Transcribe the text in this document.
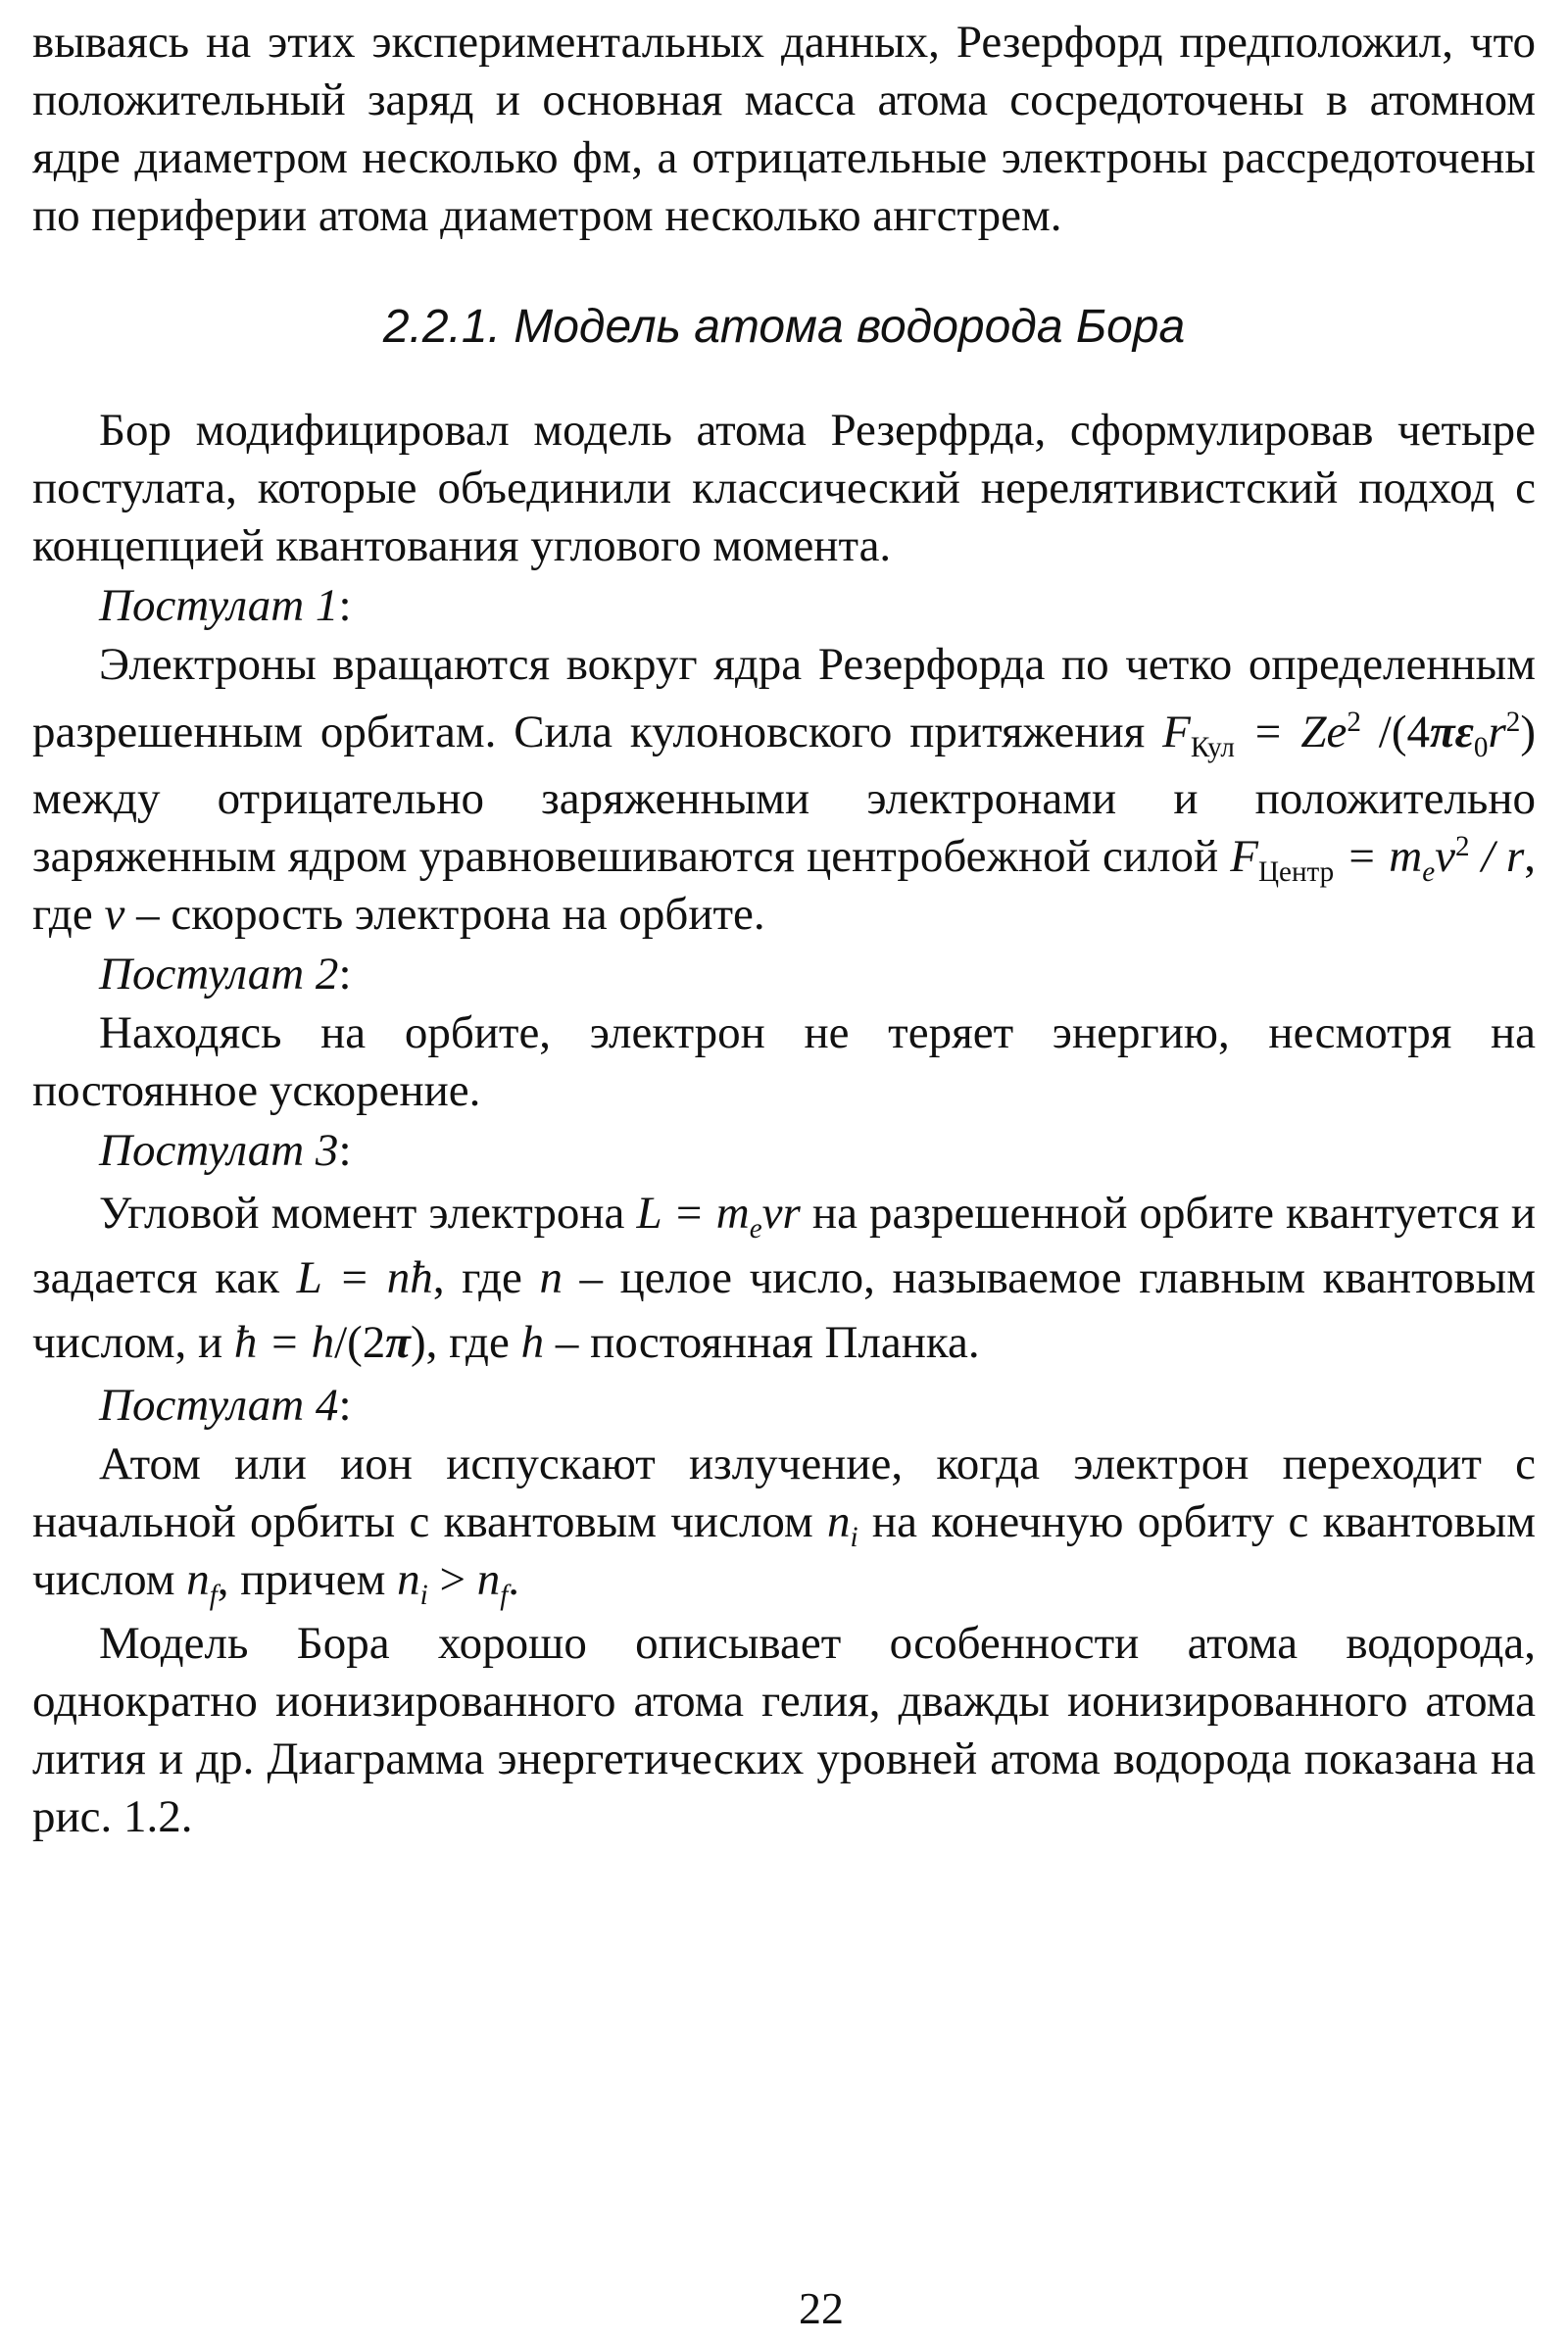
вываясь на этих экспериментальных данных, Резерфорд предположил, что положительный заряд и основная масса атома сосредоточены в атомном ядре диаметром несколько фм, а отрицательные электроны рассредоточены по периферии атома диаметром несколько ангстрем.

2.2.1. Модель атома водорода Бора

Бор модифицировал модель атома Резерфрда, сформулировав четыре постулата, которые объединили классический нерелятивистский подход с концепцией квантования углового момента.

Постулат 1:

Электроны вращаются вокруг ядра Резерфорда по четко определенным разрешенным орбитам. Сила кулоновского притяжения $F_{Кул} = Ze^2$ $/(4\pi\varepsilon_0r^2)$ между отрицательно заряженными электронами и положительно заряженным ядром уравновешиваются центробежной силой $F_{Центр} = m_ev^2 / r$, где v – скорость электрона на орбите.

Постулат 2:

Находясь на орбите, электрон не теряет энергию, несмотря на постоянное ускорение.

Постулат 3:

Угловой момент электрона $L = m_evr$ на разрешенной орбите квантуется и задается как L = nħ, где n – целое число, называемое главным квантовым числом, и ħ = h/(2π), где h – постоянная Планка.

Постулат 4:

Атом или ион испускают излучение, когда электрон переходит с начальной орбиты с квантовым числом $n_i$ на конечную орбиту с квантовым числом $n_f$, причем $n_i > n_f$.

Модель Бора хорошо описывает особенности атома водорода, однократно ионизированного атома гелия, дважды ионизированного атома лития и др. Диаграмма энергетических уровней атома водорода показана на рис. 1.2.

22
